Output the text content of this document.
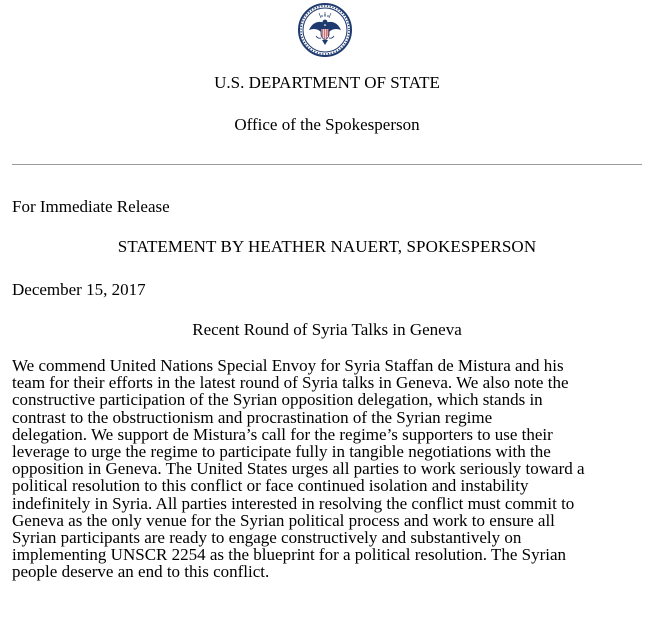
U.S. DEPARTMENT OF STATE
Office of the Spokesperson
For Immediate Release
STATEMENT BY HEATHER NAUERT, SPOKESPERSON
December 15, 2017
Recent Round of Syria Talks in Geneva
We commend United Nations Special Envoy for Syria Staffan de Mistura and his
team for their efforts in the latest round of Syria talks in Geneva. We also note the
constructive participation of the Syrian opposition delegation, which stands in
contrast to the obstructionism and procrastination of the Syrian regime
delegation. We support de Mistura’s call for the regime’s supporters to use their
leverage to urge the regime to participate fully in tangible negotiations with the
opposition in Geneva. The United States urges all parties to work seriously toward a
political resolution to this conflict or face continued isolation and instability
indefinitely in Syria. All parties interested in resolving the conflict must commit to
Geneva as the only venue for the Syrian political process and work to ensure all
Syrian participants are ready to engage constructively and substantively on
implementing UNSCR 2254 as the blueprint for a political resolution. The Syrian
people deserve an end to this conflict.
